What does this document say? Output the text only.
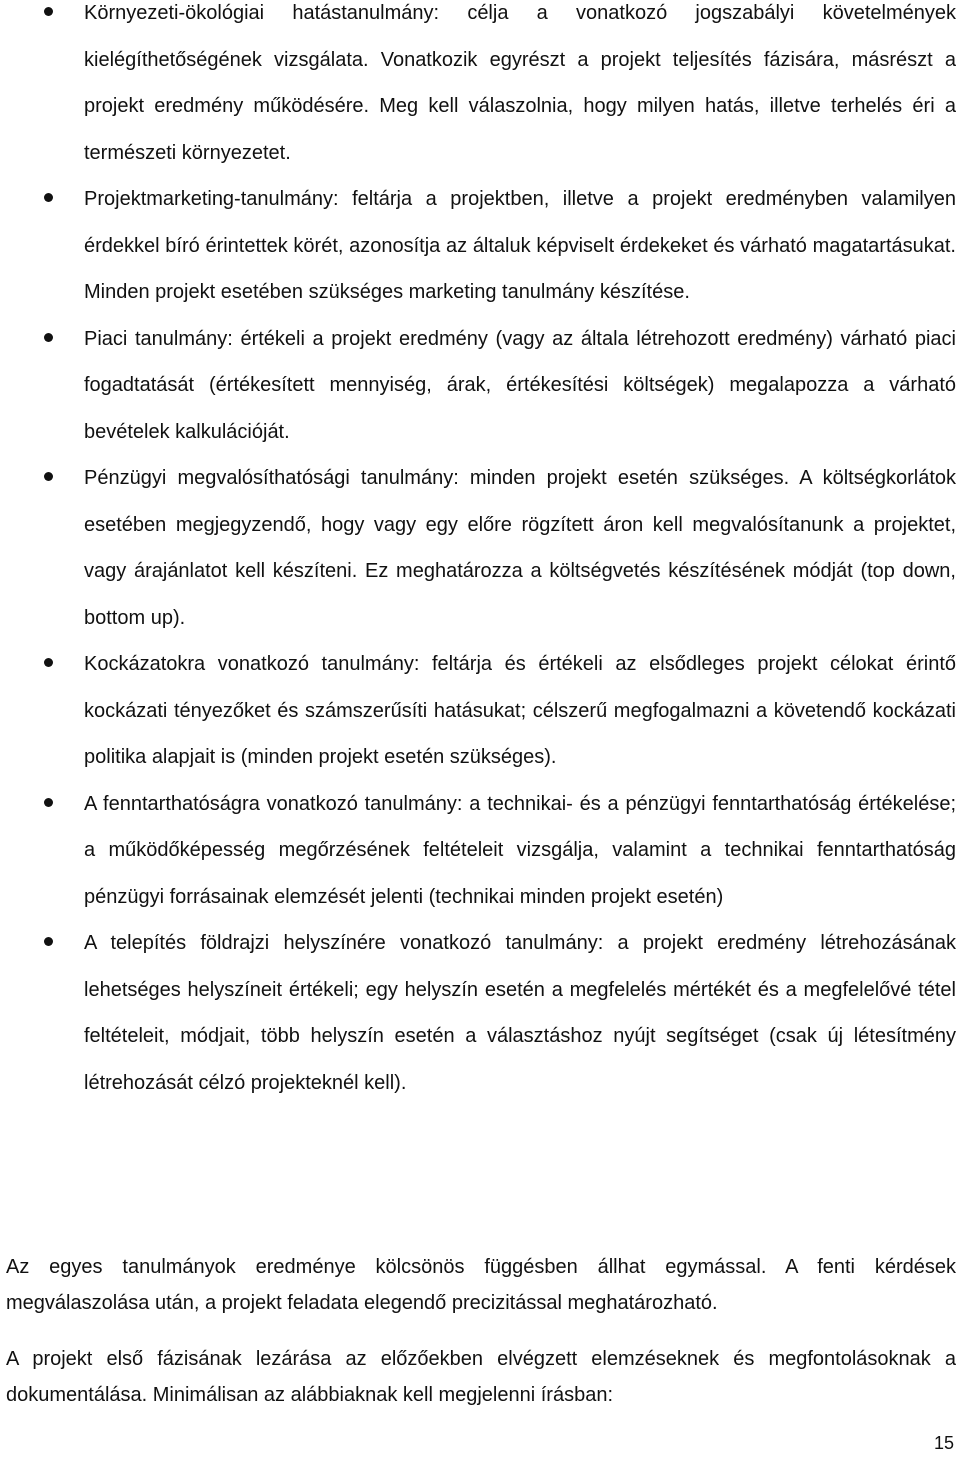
Környezeti-ökológiai hatástanulmány: célja a vonatkozó jogszabályi követelmények kielégíthetőségének vizsgálata. Vonatkozik egyrészt a projekt teljesítés fázisára, másrészt a projekt eredmény működésére. Meg kell válaszolnia, hogy milyen hatás, illetve terhelés éri a természeti környezetet.
Projektmarketing-tanulmány: feltárja a projektben, illetve a projekt eredményben valamilyen érdekkel bíró érintettek körét, azonosítja az általuk képviselt érdekeket és várható magatartásukat. Minden projekt esetében szükséges marketing tanulmány készítése.
Piaci tanulmány: értékeli a projekt eredmény (vagy az általa létrehozott eredmény) várható piaci fogadtatását (értékesített mennyiség, árak, értékesítési költségek) megalapozza a várható bevételek kalkulációját.
Pénzügyi megvalósíthatósági tanulmány: minden projekt esetén szükséges. A költségkorlátok esetében megjegyzendő, hogy vagy egy előre rögzített áron kell megvalósítanunk a projektet, vagy árajánlatot kell készíteni. Ez meghatározza a költségvetés készítésének módját (top down, bottom up).
Kockázatokra vonatkozó tanulmány: feltárja és értékeli az elsődleges projekt célokat érintő kockázati tényezőket és számszerűsíti hatásukat; célszerű megfogalmazni a követendő kockázati politika alapjait is (minden projekt esetén szükséges).
A fenntarthatóságra vonatkozó tanulmány: a technikai- és a pénzügyi fenntarthatóság értékelése; a működőképesség megőrzésének feltételeit vizsgálja, valamint a technikai fenntarthatóság pénzügyi forrásainak elemzését jelenti (technikai minden projekt esetén)
A telepítés földrajzi helyszínére vonatkozó tanulmány: a projekt eredmény létrehozásának lehetséges helyszíneit értékeli; egy helyszín esetén a megfelelés mértékét és a megfelelővé tétel feltételeit, módjait, több helyszín esetén a választáshoz nyújt segítséget (csak új létesítmény létrehozását célzó projekteknél kell).

Az egyes tanulmányok eredménye kölcsönös függésben állhat egymással. A fenti kérdések megválaszolása után, a projekt feladata elegendő precizitással meghatározható.

A projekt első fázisának lezárása az előzőekben elvégzett elemzéseknek és megfontolásoknak a dokumentálása. Minimálisan az alábbiaknak kell megjelenni írásban:

15
